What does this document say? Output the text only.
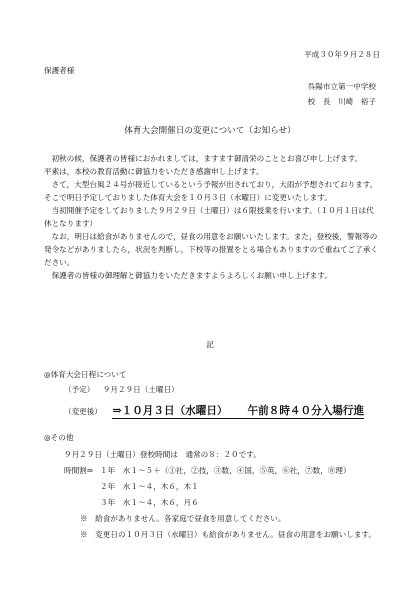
平成３０年９月２８日
保護者様
呉陽市立第一中学校
校　長　川崎　裕子
体育大会開催日の変更について（お知らせ）

初秋の候，保護者の皆様におかれましては，ますます御清栄のこととお喜び申し上げます。

平素は，本校の教育活動に御協力をいただき感謝申し上げます。

さて，大型台風２４号が接近しているという予報が出されており，大雨が予想されております。そこで明日予定しておりました体育大会を１０月３日（水曜日）に変更いたします。

当初開催予定をしておりました９月２９日（土曜日）は６限授業を行います。（１０月１日は代休となります）

なお，明日は給食がありませんので，昼食の用意をお願いいたします。また，登校後，警報等の発令などがありましたら，状況を判断し，下校等の措置をとる場合もありますので重ねてご了承ください。

保護者の皆様の御理解と御協力をいただきますようよろしくお願い申し上げます。

記
◎体育大会日程について
（予定） ９月２９日（土曜日）
（変更後） ⇒１０月３日（水曜日） 午前８時４０分入場行進
◎その他
９月２９日（土曜日）登校時間は　通常の８：２０です。
時間割⇒ １年　水１～５＋（①社，②技，③数，④国，⑤英，⑥社，⑦数，⑧理）
２年　水１～４，木６，木１
３年　水１～４，木６，月６
※　給食がありません。各家庭で昼食を用意してください。
※　変更日の１０月３日（水曜日）も給食がありません。昼食の用意をお願いします。
